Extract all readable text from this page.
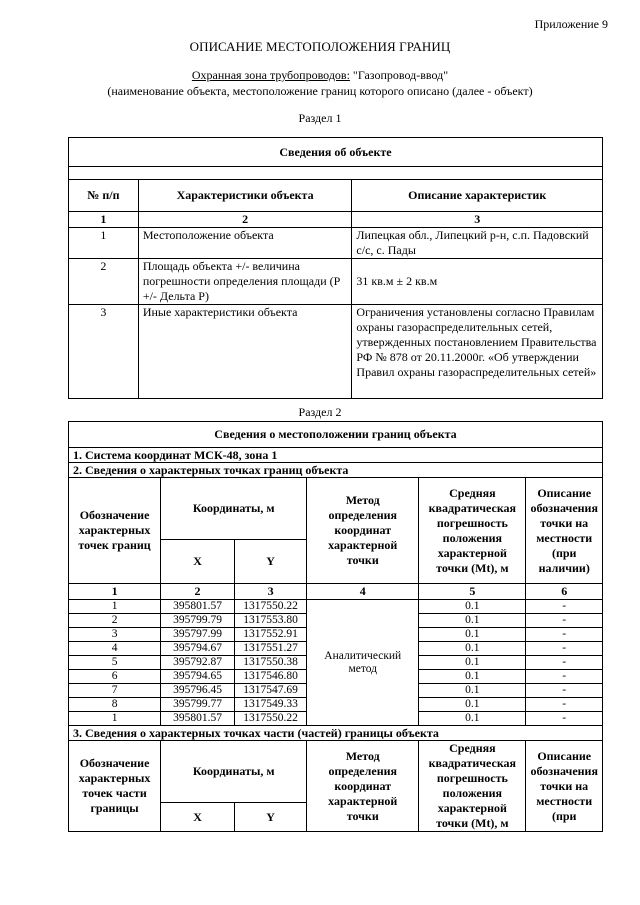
Приложение 9
ОПИСАНИЕ МЕСТОПОЛОЖЕНИЯ ГРАНИЦ
Охранная зона трубопроводов: "Газопровод-ввод"
(наименование объекта, местоположение границ которого описано (далее - объект)
Раздел 1
Сведения об объекте		

№ п/п	Характеристики объекта	Описание характеристик
1	2	3
1	Местоположение объекта	Липецкая обл., Липецкий р-н, с.п. Падовский с/с, с. Пады
2	Площадь объекта +/- величина погрешности определения площади (Р +/- Дельта Р)	31 кв.м ± 2 кв.м
3	Иные характеристики объекта	Ограничения установлены согласно Правилам охраны газораспределительных сетей, утвержденных постановлением Правительства РФ № 878 от 20.11.2000г. «Об утверждении Правил охраны газораспределительных сетей»
Раздел 2
Сведения о местоположении границ объекта					
1. Система координат МСК-48, зона 1					
2. Сведения о характерных точках границ объекта					
Обозначение характерных точек границ	Координаты, м		Метод определения координат характерной точки	Средняя квадратическая погрешность положения характерной точки (Mt), м	Описание обозначения точки на местности (при наличии)
	X	Y			
1	2	3	4	5	6
1	395801.57	1317550.22	Аналитический метод	0.1	-
2	395799.79	1317553.80		0.1	-
3	395797.99	1317552.91		0.1	-
4	395794.67	1317551.27		0.1	-
5	395792.87	1317550.38		0.1	-
6	395794.65	1317546.80		0.1	-
7	395796.45	1317547.69		0.1	-
8	395799.77	1317549.33		0.1	-
1	395801.57	1317550.22		0.1	-
3. Сведения о характерных точках части (частей) границы объекта					
Обозначение характерных точек части границы	Координаты, м		Метод определения координат характерной точки	Средняя квадратическая погрешность положения характерной точки (Mt), м	Описание обозначения точки на местности (при
	X	Y			
